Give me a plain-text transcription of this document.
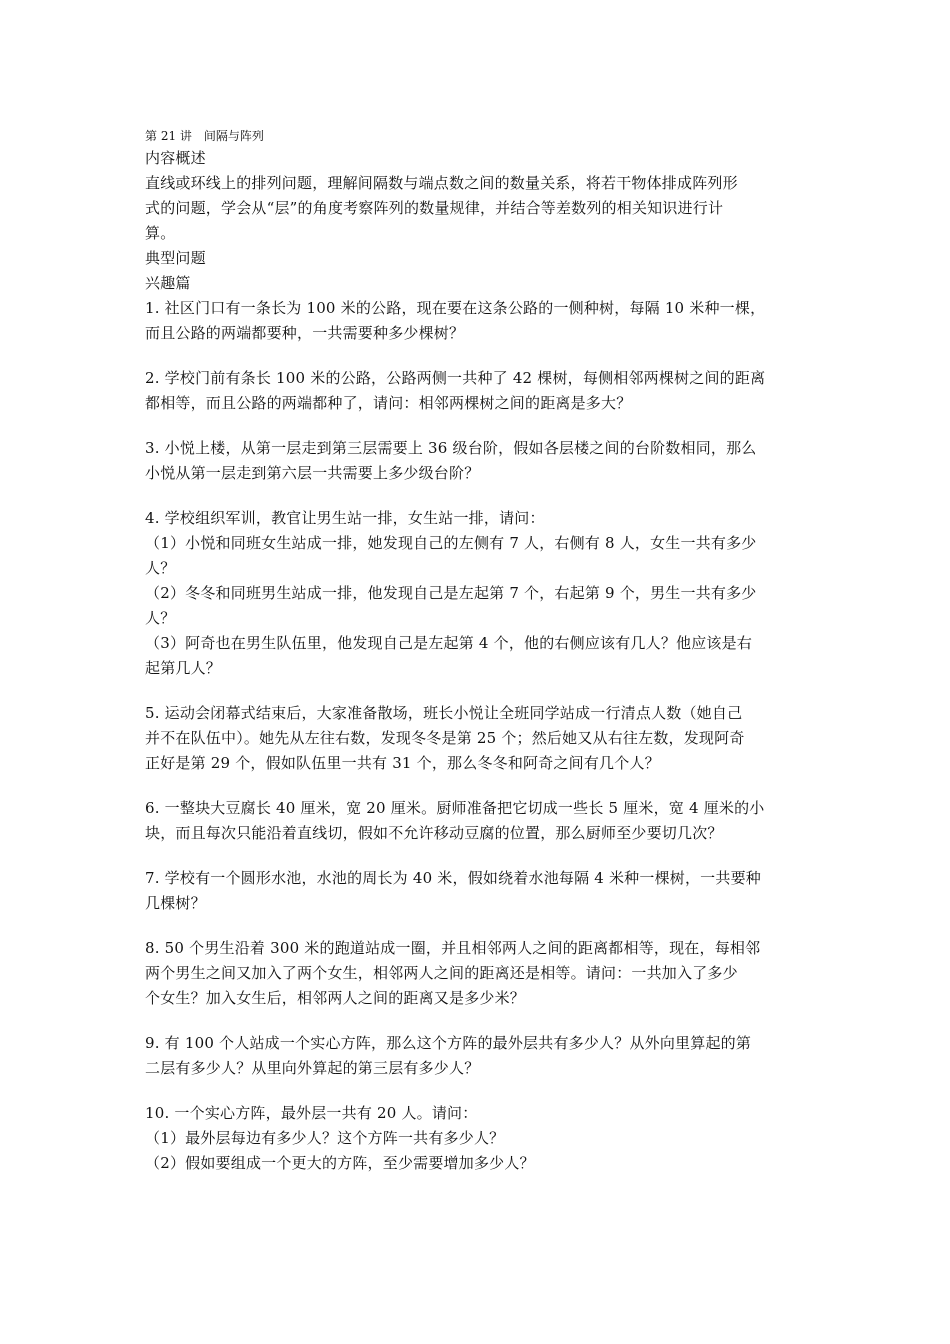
第 21 讲　间隔与阵列

内容概述

直线或环线上的排列问题，理解间隔数与端点数之间的数量关系，将若干物体排成阵列形

式的问题，学会从“层”的角度考察阵列的数量规律，并结合等差数列的相关知识进行计

算。

典型问题

兴趣篇

1. 社区门口有一条长为 100 米的公路，现在要在这条公路的一侧种树，每隔 10 米种一棵，

而且公路的两端都要种，一共需要种多少棵树？

2. 学校门前有条长 100 米的公路，公路两侧一共种了 42 棵树，每侧相邻两棵树之间的距离

都相等，而且公路的两端都种了，请问：相邻两棵树之间的距离是多大？

3. 小悦上楼，从第一层走到第三层需要上 36 级台阶，假如各层楼之间的台阶数相同，那么

小悦从第一层走到第六层一共需要上多少级台阶？

4. 学校组织军训，教官让男生站一排，女生站一排，请问：

（1）小悦和同班女生站成一排，她发现自己的左侧有 7 人，右侧有 8 人，女生一共有多少

人？

（2）冬冬和同班男生站成一排，他发现自己是左起第 7 个，右起第 9 个，男生一共有多少

人？

（3）阿奇也在男生队伍里，他发现自己是左起第 4 个，他的右侧应该有几人？他应该是右

起第几人？

5. 运动会闭幕式结束后，大家准备散场，班长小悦让全班同学站成一行清点人数（她自己

并不在队伍中）。她先从左往右数，发现冬冬是第 25 个；然后她又从右往左数，发现阿奇

正好是第 29 个，假如队伍里一共有 31 个，那么冬冬和阿奇之间有几个人？

6. 一整块大豆腐长 40 厘米，宽 20 厘米。厨师准备把它切成一些长 5 厘米，宽 4 厘米的小

块，而且每次只能沿着直线切，假如不允许移动豆腐的位置，那么厨师至少要切几次？

7. 学校有一个圆形水池，水池的周长为 40 米，假如绕着水池每隔 4 米种一棵树，一共要种

几棵树？

8. 50 个男生沿着 300 米的跑道站成一圈，并且相邻两人之间的距离都相等，现在，每相邻

两个男生之间又加入了两个女生，相邻两人之间的距离还是相等。请问：一共加入了多少

个女生？加入女生后，相邻两人之间的距离又是多少米？

9. 有 100 个人站成一个实心方阵，那么这个方阵的最外层共有多少人？从外向里算起的第

二层有多少人？从里向外算起的第三层有多少人？

10. 一个实心方阵，最外层一共有 20 人。请问：

（1）最外层每边有多少人？这个方阵一共有多少人？

（2）假如要组成一个更大的方阵，至少需要增加多少人？
